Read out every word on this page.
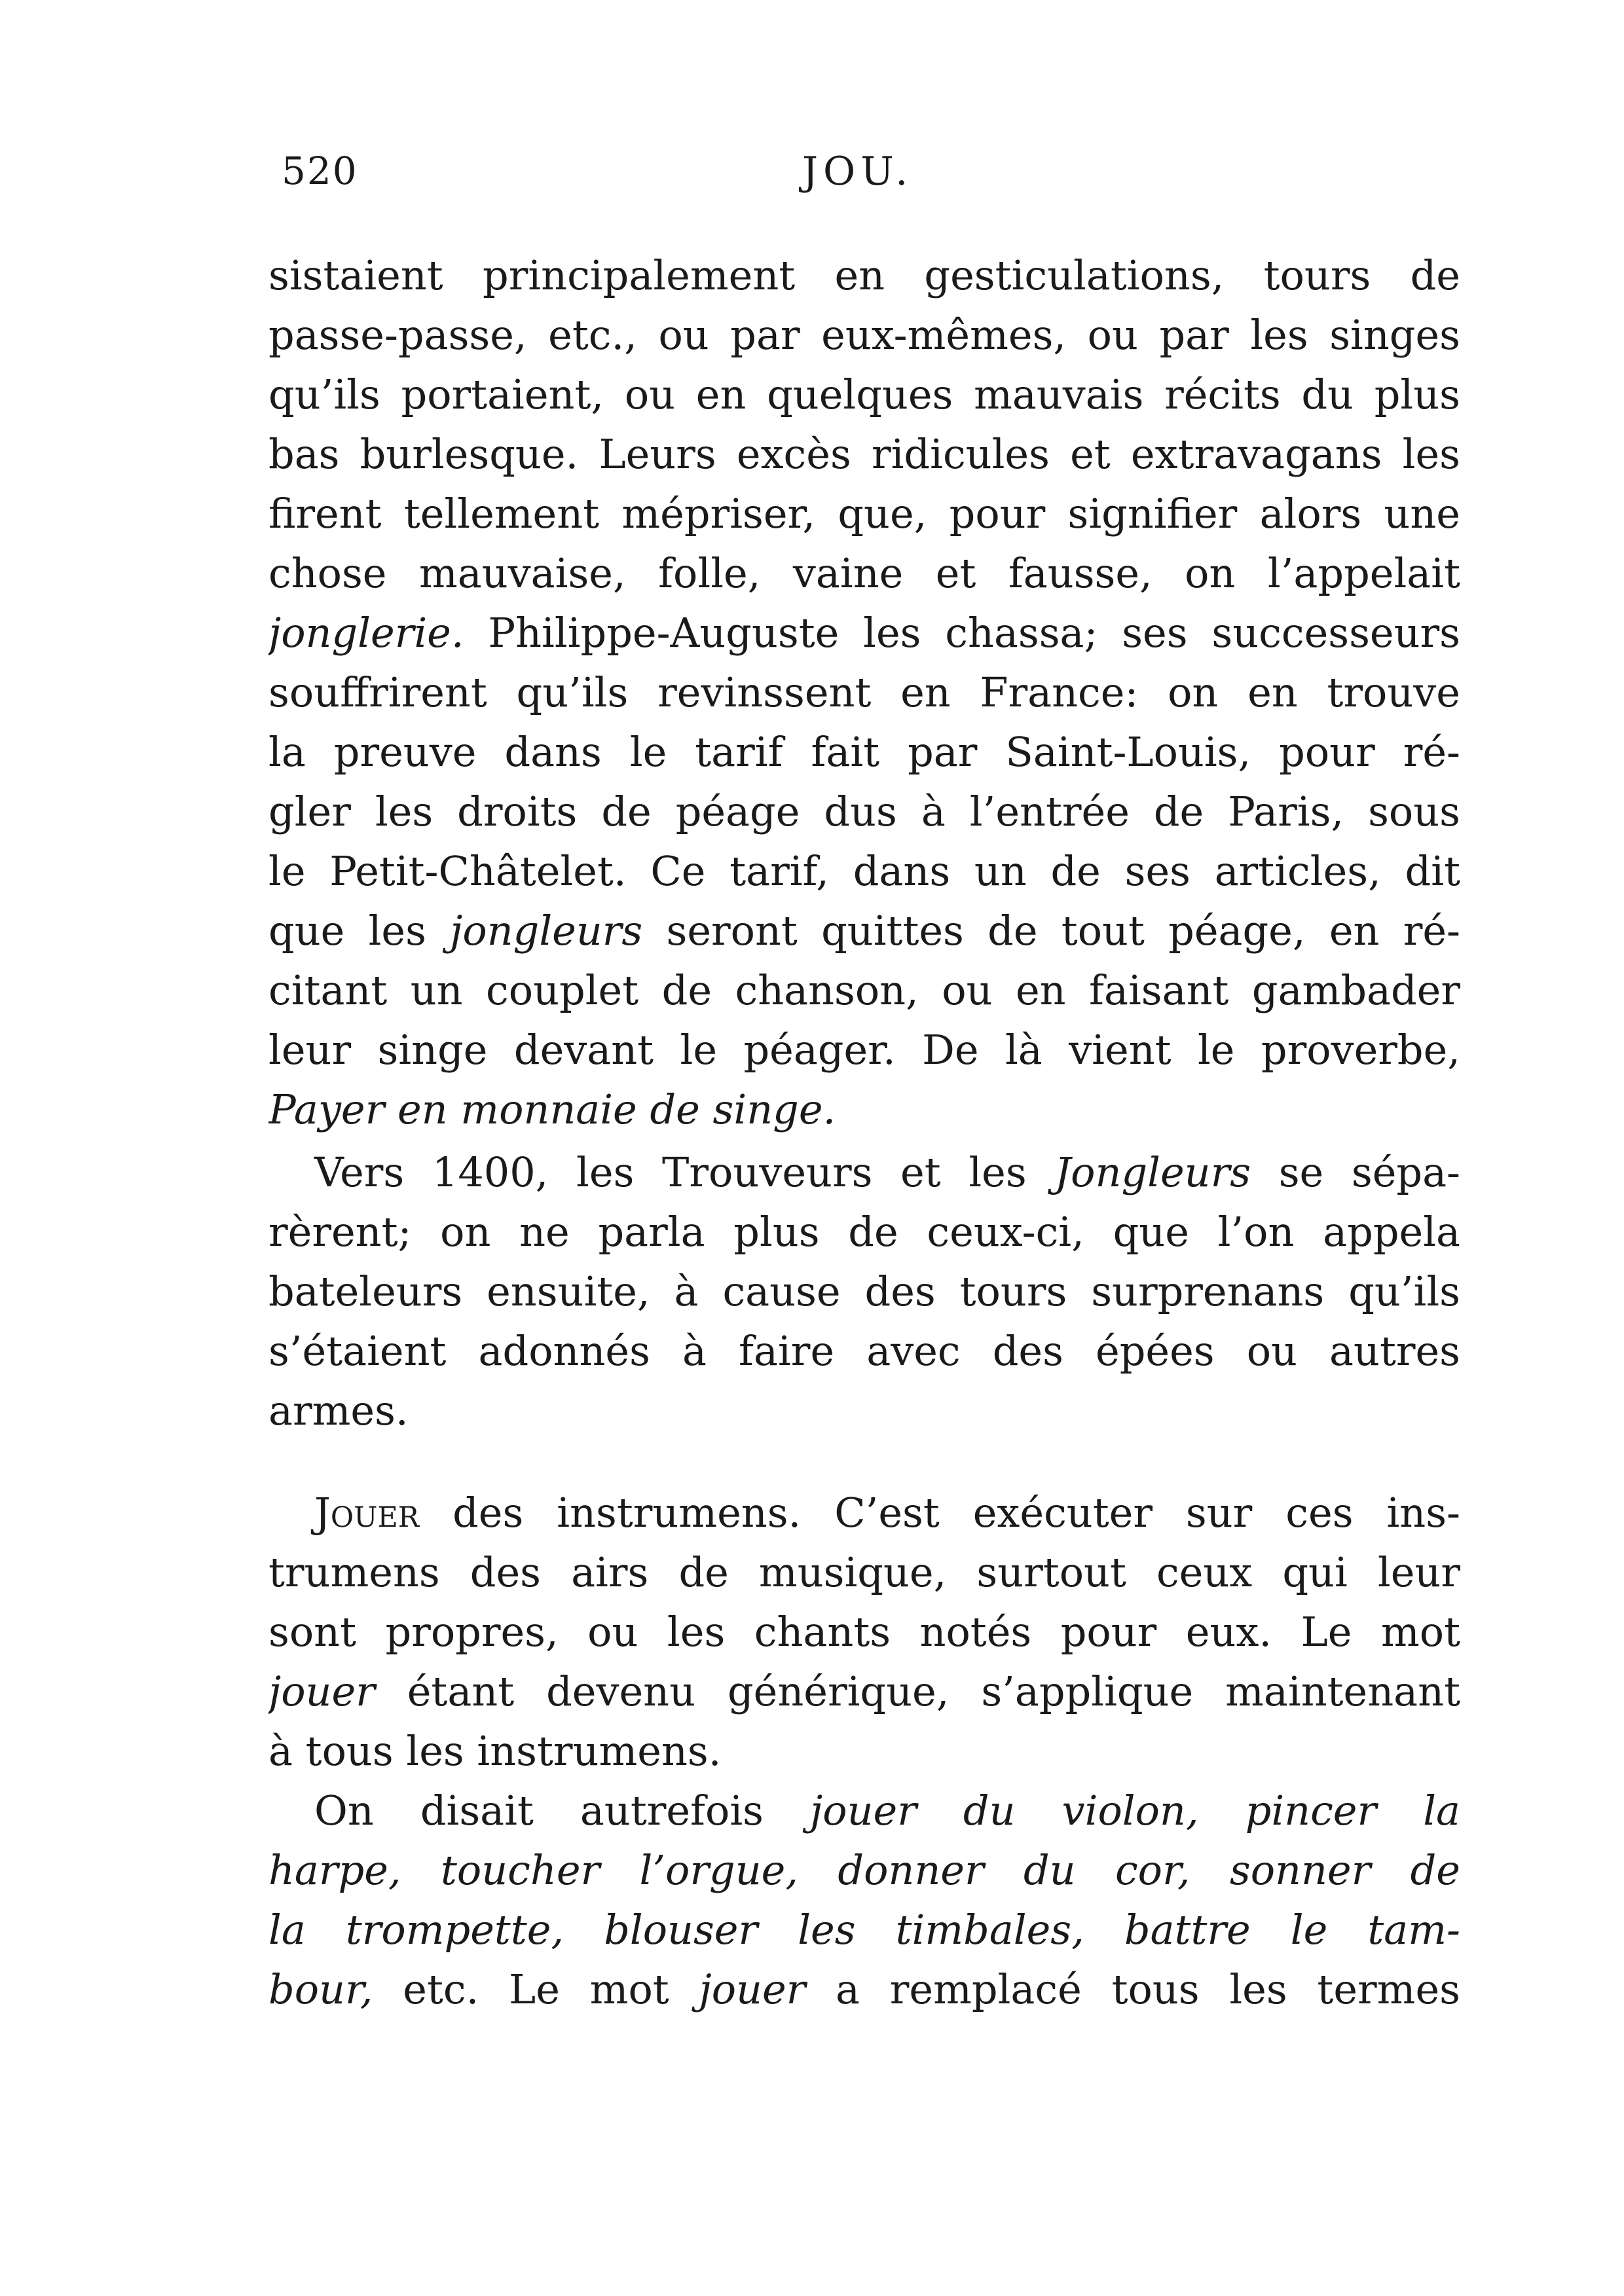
520	JOU.
sistaient principalement en gesticulations, tours de
passe-passe, etc., ou par eux-mêmes, ou par les singes
qu’ils portaient, ou en quelques mauvais récits du plus
bas burlesque. Leurs excès ridicules et extravagans les
firent tellement mépriser, que, pour signifier alors une
chose mauvaise, folle, vaine et fausse, on l’appelait
jonglerie. Philippe-Auguste les chassa; ses successeurs
souffrirent qu’ils revinssent en France: on en trouve
la preuve dans le tarif fait par Saint-Louis, pour ré-
gler les droits de péage dus à l’entrée de Paris, sous
le Petit-Châtelet. Ce tarif, dans un de ses articles, dit
que les jongleurs seront quittes de tout péage, en ré-
citant un couplet de chanson, ou en faisant gambader
leur singe devant le péager. De là vient le proverbe,
Payer en monnaie de singe.
Vers 1400, les Trouveurs et les Jongleurs se sépa-
rèrent; on ne parla plus de ceux-ci, que l’on appela
bateleurs ensuite, à cause des tours surprenans qu’ils
s’étaient adonnés à faire avec des épées ou autres
armes.
Jouer des instrumens. C’est exécuter sur ces ins-
trumens des airs de musique, surtout ceux qui leur
sont propres, ou les chants notés pour eux. Le mot
jouer étant devenu générique, s’applique maintenant
à tous les instrumens.
On disait autrefois jouer du violon, pincer la
harpe, toucher l’orgue, donner du cor, sonner de
la trompette, blouser les timbales, battre le tam-
bour, etc. Le mot jouer a remplacé tous les termes
